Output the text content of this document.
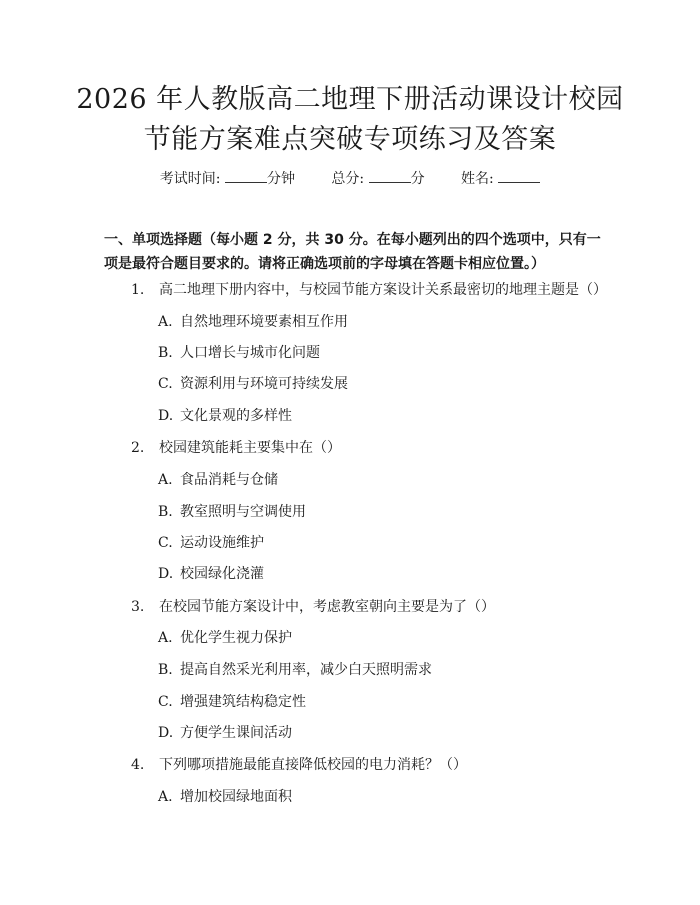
2026 年人教版高二地理下册活动课设计校园
节能方案难点突破专项练习及答案
考试时间:	分钟	总分:	分	姓名:
一、单项选择题（每小题 2 分，共 30 分。在每小题列出的四个选项中，只有一项是最符合题目要求的。请将正确选项前的字母填在答题卡相应位置。）
1. 高二地理下册内容中，与校园节能方案设计关系最密切的地理主题是（）
A. 自然地理环境要素相互作用
B. 人口增长与城市化问题
C. 资源利用与环境可持续发展
D. 文化景观的多样性
2. 校园建筑能耗主要集中在（）
A. 食品消耗与仓储
B. 教室照明与空调使用
C. 运动设施维护
D. 校园绿化浇灌
3. 在校园节能方案设计中，考虑教室朝向主要是为了（）
A. 优化学生视力保护
B. 提高自然采光利用率，减少白天照明需求
C. 增强建筑结构稳定性
D. 方便学生课间活动
4. 下列哪项措施最能直接降低校园的电力消耗？（）
A. 增加校园绿地面积
